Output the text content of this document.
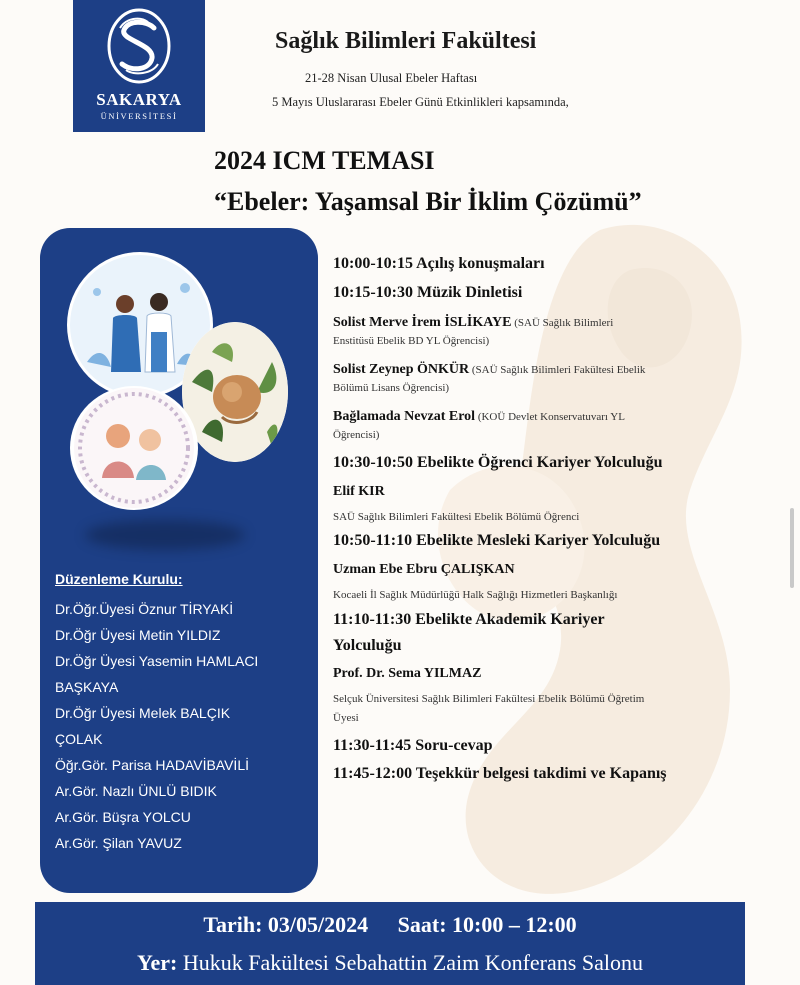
SAKARYA
ÜNİVERSİTESİ
Sağlık Bilimleri Fakültesi
21-28 Nisan Ulusal Ebeler Haftası
5 Mayıs Uluslararası Ebeler Günü Etkinlikleri kapsamında,
2024 ICM TEMASI
“Ebeler: Yaşamsal Bir İklim Çözümü”
Düzenleme Kurulu:
Dr.Öğr.Üyesi Öznur TİRYAKİ
Dr.Öğr Üyesi Metin YILDIZ
Dr.Öğr Üyesi Yasemin HAMLACI
BAŞKAYA
Dr.Öğr Üyesi Melek BALÇIK
ÇOLAK
Öğr.Gör. Parisa HADAVİBAVİLİ
Ar.Gör. Nazlı ÜNLÜ BIDIK
Ar.Gör. Büşra YOLCU
Ar.Gör. Şilan YAVUZ
10:00-10:15 Açılış konuşmaları
10:15-10:30 Müzik Dinletisi
Solist Merve İrem İSLİKAYE (SAÜ Sağlık Bilimleri
Enstitüsü Ebelik BD YL Öğrencisi)
Solist Zeynep ÖNKÜR (SAÜ Sağlık Bilimleri Fakültesi Ebelik
Bölümü Lisans Öğrencisi)
Bağlamada Nevzat Erol (KOÜ Devlet Konservatuvarı YL
Öğrencisi)
10:30-10:50 Ebelikte Öğrenci Kariyer Yolculuğu
Elif KIR
SAÜ Sağlık Bilimleri Fakültesi Ebelik Bölümü Öğrenci
10:50-11:10 Ebelikte Mesleki Kariyer Yolculuğu
Uzman Ebe Ebru ÇALIŞKAN
Kocaeli İl Sağlık Müdürlüğü Halk Sağlığı Hizmetleri Başkanlığı
11:10-11:30 Ebelikte Akademik Kariyer
Yolculuğu
Prof. Dr. Sema YILMAZ
Selçuk Üniversitesi Sağlık Bilimleri Fakültesi Ebelik Bölümü Öğretim
Üyesi
11:30-11:45 Soru-cevap
11:45-12:00 Teşekkür belgesi takdimi ve Kapanış
Tarih: 03/05/2024 Saat: 10:00 – 12:00
Yer: Hukuk Fakültesi Sebahattin Zaim Konferans Salonu
